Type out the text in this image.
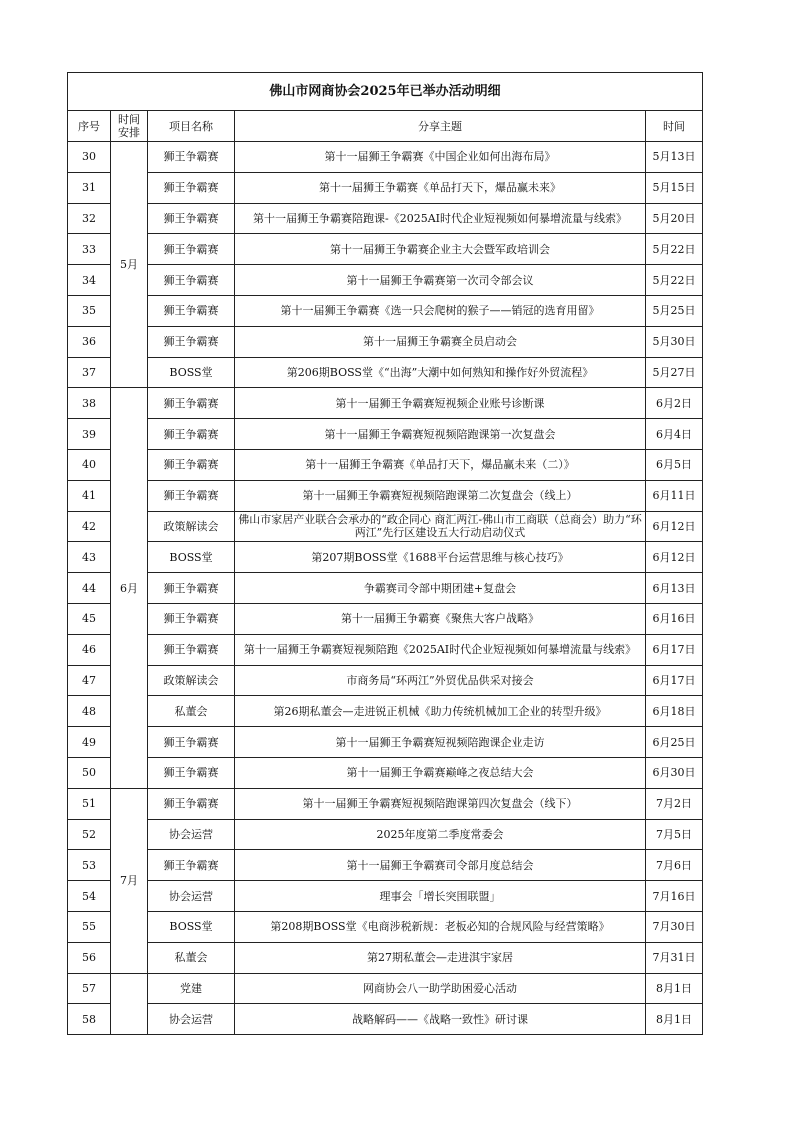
佛山市网商协会2025年已举办活动明细				
序号	时间安排	项目名称	分享主题	时间
30	5月	狮王争霸赛	第十一届狮王争霸赛《中国企业如何出海布局》	5月13日
31		狮王争霸赛	第十一届狮王争霸赛《单品打天下，爆品赢未来》	5月15日
32		狮王争霸赛	第十一届狮王争霸赛陪跑课-《2025AI时代企业短视频如何暴增流量与线索》	5月20日
33		狮王争霸赛	第十一届狮王争霸赛企业主大会暨军政培训会	5月22日
34		狮王争霸赛	第十一届狮王争霸赛第一次司令部会议	5月22日
35		狮王争霸赛	第十一届狮王争霸赛《选一只会爬树的猴子——销冠的选育用留》	5月25日
36		狮王争霸赛	第十一届狮王争霸赛全员启动会	5月30日
37		BOSS堂	第206期BOSS堂《“出海”大潮中如何熟知和操作好外贸流程》	5月27日
38	6月	狮王争霸赛	第十一届狮王争霸赛短视频企业账号诊断课	6月2日
39		狮王争霸赛	第十一届狮王争霸赛短视频陪跑课第一次复盘会	6月4日
40		狮王争霸赛	第十一届狮王争霸赛《单品打天下，爆品赢未来（二）》	6月5日
41		狮王争霸赛	第十一届狮王争霸赛短视频陪跑课第二次复盘会（线上）	6月11日
42		政策解读会	佛山市家居产业联合会承办的“政企同心 商汇两江-佛山市工商联（总商会）助力“环两江”先行区建设五大行动启动仪式	6月12日
43		BOSS堂	第207期BOSS堂《1688平台运营思维与核心技巧》	6月12日
44		狮王争霸赛	争霸赛司令部中期团建+复盘会	6月13日
45		狮王争霸赛	第十一届狮王争霸赛《聚焦大客户战略》	6月16日
46		狮王争霸赛	第十一届狮王争霸赛短视频陪跑《2025AI时代企业短视频如何暴增流量与线索》	6月17日
47		政策解读会	市商务局“环两江”外贸优品供采对接会	6月17日
48		私董会	第26期私董会—走进锐正机械《助力传统机械加工企业的转型升级》	6月18日
49		狮王争霸赛	第十一届狮王争霸赛短视频陪跑课企业走访	6月25日
50		狮王争霸赛	第十一届狮王争霸赛巅峰之夜总结大会	6月30日
51	7月	狮王争霸赛	第十一届狮王争霸赛短视频陪跑课第四次复盘会（线下）	7月2日
52		协会运营	2025年度第二季度常委会	7月5日
53		狮王争霸赛	第十一届狮王争霸赛司令部月度总结会	7月6日
54		协会运营	理事会「增长突围联盟」	7月16日
55		BOSS堂	第208期BOSS堂《电商涉税新规：老板必知的合规风险与经营策略》	7月30日
56		私董会	第27期私董会—走进淇宇家居	7月31日
57		党建	网商协会八一助学助困爱心活动	8月1日
58		协会运营	战略解码——《战略一致性》研讨课	8月1日
